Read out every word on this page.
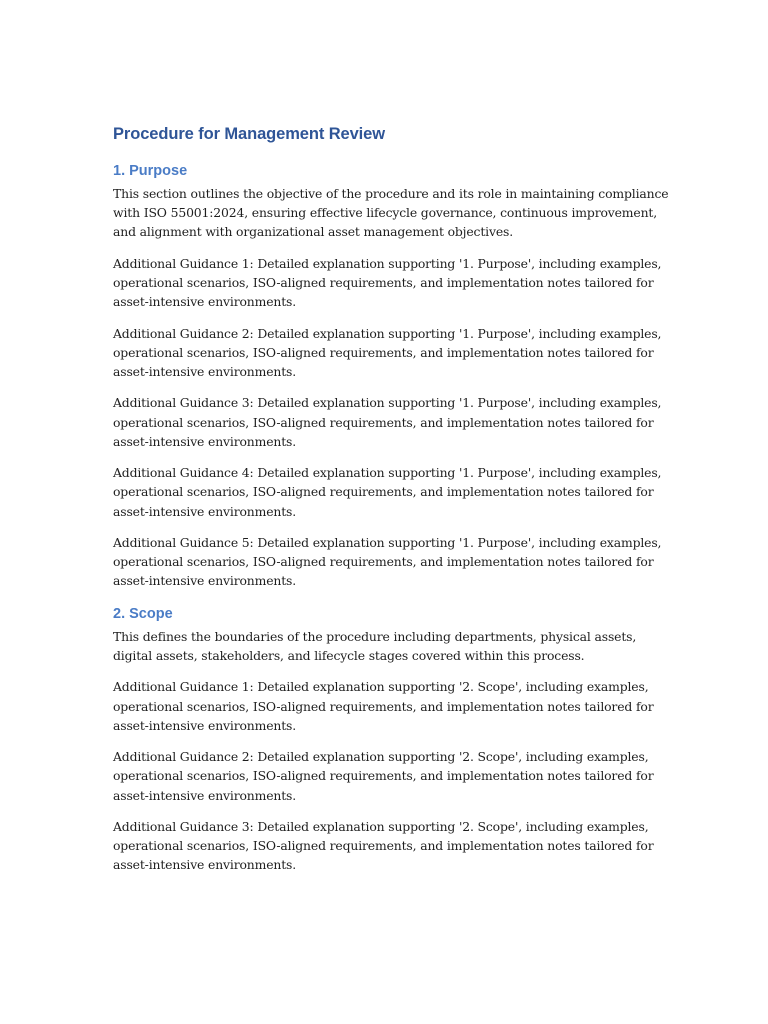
Procedure for Management Review
1. Purpose

This section outlines the objective of the procedure and its role in maintaining compliance with ISO 55001:2024, ensuring effective lifecycle governance, continuous improvement, and alignment with organizational asset management objectives.

Additional Guidance 1: Detailed explanation supporting '1. Purpose', including examples, operational scenarios, ISO-aligned requirements, and implementation notes tailored for asset-intensive environments.

Additional Guidance 2: Detailed explanation supporting '1. Purpose', including examples, operational scenarios, ISO-aligned requirements, and implementation notes tailored for asset-intensive environments.

Additional Guidance 3: Detailed explanation supporting '1. Purpose', including examples, operational scenarios, ISO-aligned requirements, and implementation notes tailored for asset-intensive environments.

Additional Guidance 4: Detailed explanation supporting '1. Purpose', including examples, operational scenarios, ISO-aligned requirements, and implementation notes tailored for asset-intensive environments.

Additional Guidance 5: Detailed explanation supporting '1. Purpose', including examples, operational scenarios, ISO-aligned requirements, and implementation notes tailored for asset-intensive environments.

2. Scope

This defines the boundaries of the procedure including departments, physical assets, digital assets, stakeholders, and lifecycle stages covered within this process.

Additional Guidance 1: Detailed explanation supporting '2. Scope', including examples, operational scenarios, ISO-aligned requirements, and implementation notes tailored for asset-intensive environments.

Additional Guidance 2: Detailed explanation supporting '2. Scope', including examples, operational scenarios, ISO-aligned requirements, and implementation notes tailored for asset-intensive environments.

Additional Guidance 3: Detailed explanation supporting '2. Scope', including examples, operational scenarios, ISO-aligned requirements, and implementation notes tailored for asset-intensive environments.
